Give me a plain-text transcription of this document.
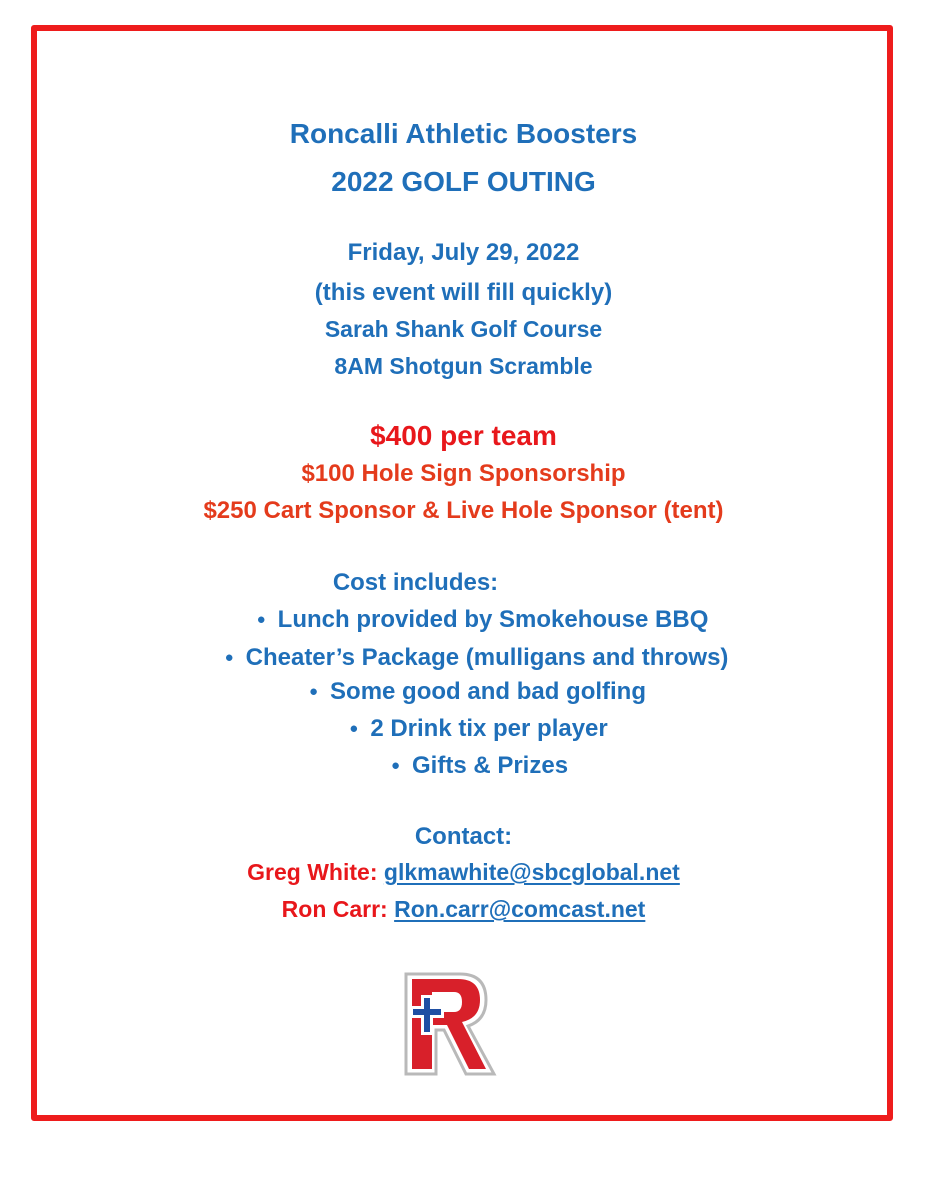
Roncalli Athletic Boosters

2022 GOLF OUTING

Friday, July 29, 2022

(this event will fill quickly)

Sarah Shank Golf Course

8AM Shotgun Scramble

$400 per team

$100 Hole Sign Sponsorship

$250 Cart Sponsor & Live Hole Sponsor (tent)

Cost includes:

● Lunch provided by Smokehouse BBQ

● Cheater’s Package (mulligans and throws)

● Some good and bad golfing

● 2 Drink tix per player

● Gifts & Prizes

Contact:

Greg White: glkmawhite@sbcglobal.net

Ron Carr: Ron.carr@comcast.net
